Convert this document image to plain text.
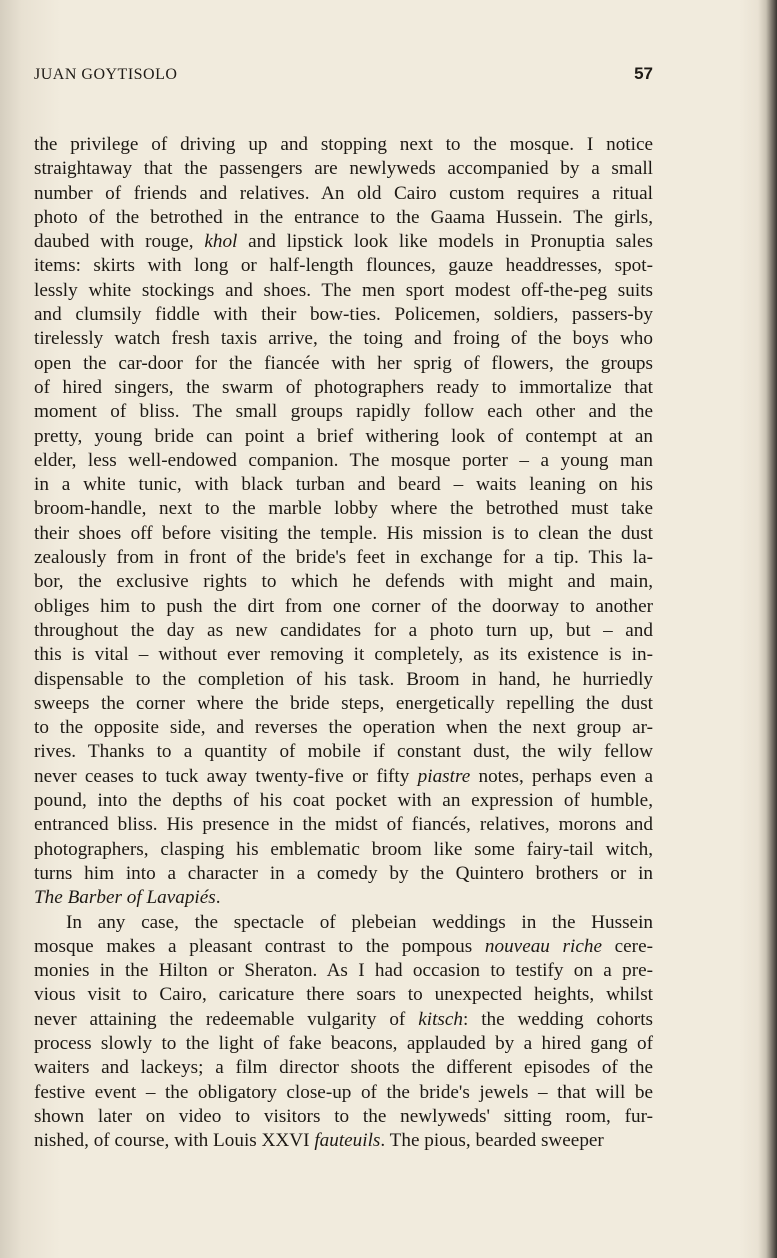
JUAN GOYTISOLO	57
the privilege of driving up and stopping next to the mosque. I notice
straightaway that the passengers are newlyweds accompanied by a small
number of friends and relatives. An old Cairo custom requires a ritual
photo of the betrothed in the entrance to the Gaama Hussein. The girls,
daubed with rouge, khol and lipstick look like models in Pronuptia sales
items: skirts with long or half-length flounces, gauze headdresses, spot-
lessly white stockings and shoes. The men sport modest off-the-peg suits
and clumsily fiddle with their bow-ties. Policemen, soldiers, passers-by
tirelessly watch fresh taxis arrive, the toing and froing of the boys who
open the car-door for the fiancée with her sprig of flowers, the groups
of hired singers, the swarm of photographers ready to immortalize that
moment of bliss. The small groups rapidly follow each other and the
pretty, young bride can point a brief withering look of contempt at an
elder, less well-endowed companion. The mosque porter – a young man
in a white tunic, with black turban and beard – waits leaning on his
broom-handle, next to the marble lobby where the betrothed must take
their shoes off before visiting the temple. His mission is to clean the dust
zealously from in front of the bride's feet in exchange for a tip. This la-
bor, the exclusive rights to which he defends with might and main,
obliges him to push the dirt from one corner of the doorway to another
throughout the day as new candidates for a photo turn up, but – and
this is vital – without ever removing it completely, as its existence is in-
dispensable to the completion of his task. Broom in hand, he hurriedly
sweeps the corner where the bride steps, energetically repelling the dust
to the opposite side, and reverses the operation when the next group ar-
rives. Thanks to a quantity of mobile if constant dust, the wily fellow
never ceases to tuck away twenty-five or fifty piastre notes, perhaps even a
pound, into the depths of his coat pocket with an expression of humble,
entranced bliss. His presence in the midst of fiancés, relatives, morons and
photographers, clasping his emblematic broom like some fairy-tail witch,
turns him into a character in a comedy by the Quintero brothers or in
The Barber of Lavapiés.
In any case, the spectacle of plebeian weddings in the Hussein
mosque makes a pleasant contrast to the pompous nouveau riche cere-
monies in the Hilton or Sheraton. As I had occasion to testify on a pre-
vious visit to Cairo, caricature there soars to unexpected heights, whilst
never attaining the redeemable vulgarity of kitsch: the wedding cohorts
process slowly to the light of fake beacons, applauded by a hired gang of
waiters and lackeys; a film director shoots the different episodes of the
festive event – the obligatory close-up of the bride's jewels – that will be
shown later on video to visitors to the newlyweds' sitting room, fur-
nished, of course, with Louis XXVI fauteuils. The pious, bearded sweeper
